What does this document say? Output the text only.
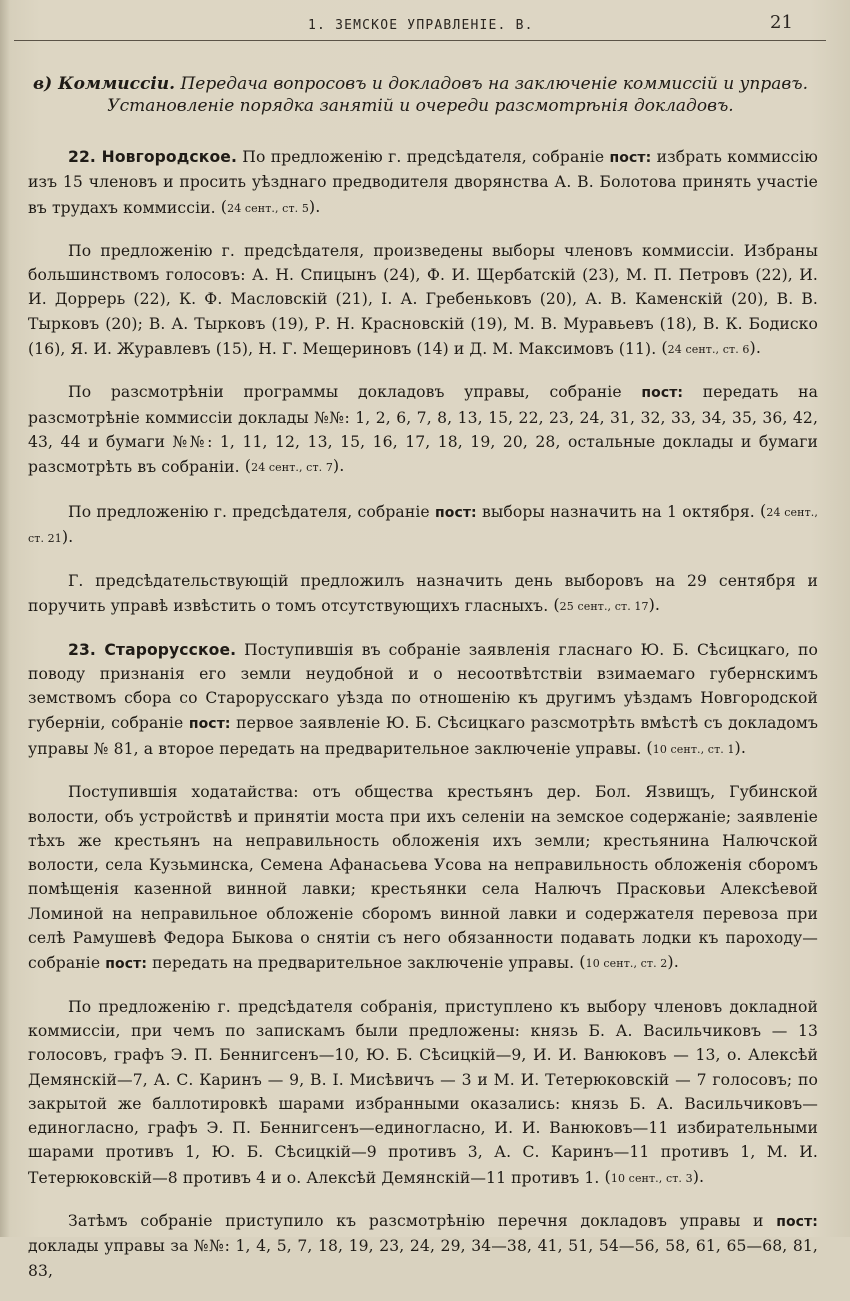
1. ЗЕМСКОЕ УПРАВЛЕНІЕ. В.	21
в) Коммиссіи. Передача вопросовъ и докладовъ на заключеніе коммиссій и управъ. Установленіе порядка занятій и очереди разсмотрѣнія докладовъ.

22. Новгородское. По предложенію г. предсѣдателя, собраніе пост: избрать коммиссію изъ 15 членовъ и просить уѣзднаго предводителя дворянства А. В. Болотова принять участіе въ трудахъ коммиссіи. (24 сент., ст. 5).

По предложенію г. предсѣдателя, произведены выборы членовъ коммиссіи. Избраны большинствомъ голосовъ: А. Н. Спицынъ (24), Ф. И. Щербатскій (23), М. П. Петровъ (22), И. И. Доррерь (22), К. Ф. Масловскій (21), І. А. Гребеньковъ (20), А. В. Каменскій (20), В. В. Тырковъ (20); В. А. Тырковъ (19), Р. Н. Красновскій (19), М. В. Муравьевъ (18), В. К. Бодиско (16), Я. И. Журавлевъ (15), Н. Г. Мещериновъ (14) и Д. М. Максимовъ (11). (24 сент., ст. 6).

По разсмотрѣніи программы докладовъ управы, собраніе пост: передать на разсмотрѣніе коммиссіи доклады №№: 1, 2, 6, 7, 8, 13, 15, 22, 23, 24, 31, 32, 33, 34, 35, 36, 42, 43, 44 и бумаги №№: 1, 11, 12, 13, 15, 16, 17, 18, 19, 20, 28, остальные доклады и бумаги разсмотрѣть въ собраніи. (24 сент., ст. 7).

По предложенію г. предсѣдателя, собраніе пост: выборы назначить на 1 октября. (24 сент., ст. 21).

Г. предсѣдательствующій предложилъ назначить день выборовъ на 29 сентября и поручить управѣ извѣстить о томъ отсутствующихъ гласныхъ. (25 сент., ст. 17).

23. Старорусское. Поступившія въ собраніе заявленія гласнаго Ю. Б. Сѣсицкаго, по поводу признанія его земли неудобной и о несоотвѣтствіи взимаемаго губернскимъ земствомъ сбора со Старорусскаго уѣзда по отношенію къ другимъ уѣздамъ Новгородской губерніи, собраніе пост: первое заявленіе Ю. Б. Сѣсицкаго разсмотрѣть вмѣстѣ съ докладомъ управы № 81, а второе передать на предварительное заключеніе управы. (10 сент., ст. 1).

Поступившія ходатайства: отъ общества крестьянъ дер. Бол. Язвищъ, Губинской волости, объ устройствѣ и принятіи моста при ихъ селеніи на земское содержаніе; заявленіе тѣхъ же крестьянъ на неправильность обложенія ихъ земли; крестьянина Налючской волости, села Кузьминска, Семена Афанасьева Усова на неправильность обложенія сборомъ помѣщенія казенной винной лавки; крестьянки села Налючъ Прасковьи Алексѣевой Ломиной на неправильное обложеніе сборомъ винной лавки и содержателя перевоза при селѣ Рамушевѣ Федора Быкова о снятіи съ него обязанности подавать лодки къ пароходу—собраніе пост: передать на предварительное заключеніе управы. (10 сент., ст. 2).

По предложенію г. предсѣдателя собранія, приступлено къ выбору членовъ докладной коммиссіи, при чемъ по запискамъ были предложены: князь Б. А. Васильчиковъ — 13 голосовъ, графъ Э. П. Беннигсенъ—10, Ю. Б. Сѣсицкій—9, И. И. Ванюковъ — 13, о. Алексѣй Демянскій—7, А. С. Каринъ — 9, В. І. Мисѣвичъ — 3 и М. И. Тетерюковскій — 7 голосовъ; по закрытой же баллотировкѣ шарами избранными оказались: князь Б. А. Васильчиковъ—единогласно, графъ Э. П. Беннигсенъ—единогласно, И. И. Ванюковъ—11 избирательными шарами противъ 1, Ю. Б. Сѣсицкій—9 противъ 3, А. С. Каринъ—11 противъ 1, М. И. Тетерюковскій—8 противъ 4 и о. Алексѣй Демянскій—11 противъ 1. (10 сент., ст. 3).

Затѣмъ собраніе приступило къ разсмотрѣнію перечня докладовъ управы и пост: доклады управы за №№: 1, 4, 5, 7, 18, 19, 23, 24, 29, 34—38, 41, 51, 54—56, 58, 61, 65—68, 81, 83,
